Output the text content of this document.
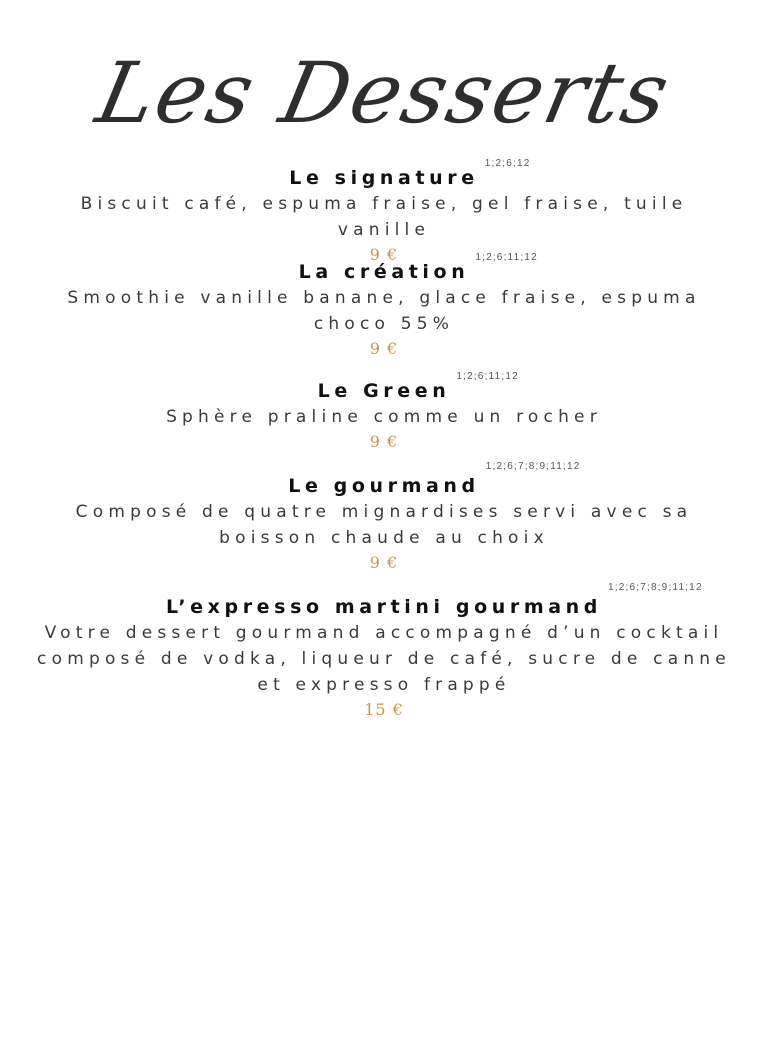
Les Desserts
Le signature
1;2;6;12
Biscuit café, espuma fraise, gel fraise, tuile vanille
9 €
La création
1;2;6;11;12
Smoothie vanille banane, glace fraise, espuma choco 55%
9 €
Le Green
1;2;6;11;12
Sphère praline comme un rocher
9 €
Le gourmand
1;2;6;7;8;9;11;12
Composé de quatre mignardises servi avec sa boisson chaude au choix
9 €
L’expresso martini gourmand
1;2;6;7;8;9;11;12
Votre dessert gourmand accompagné d’un cocktail composé de vodka, liqueur de café, sucre de canne et expresso frappé
15 €
